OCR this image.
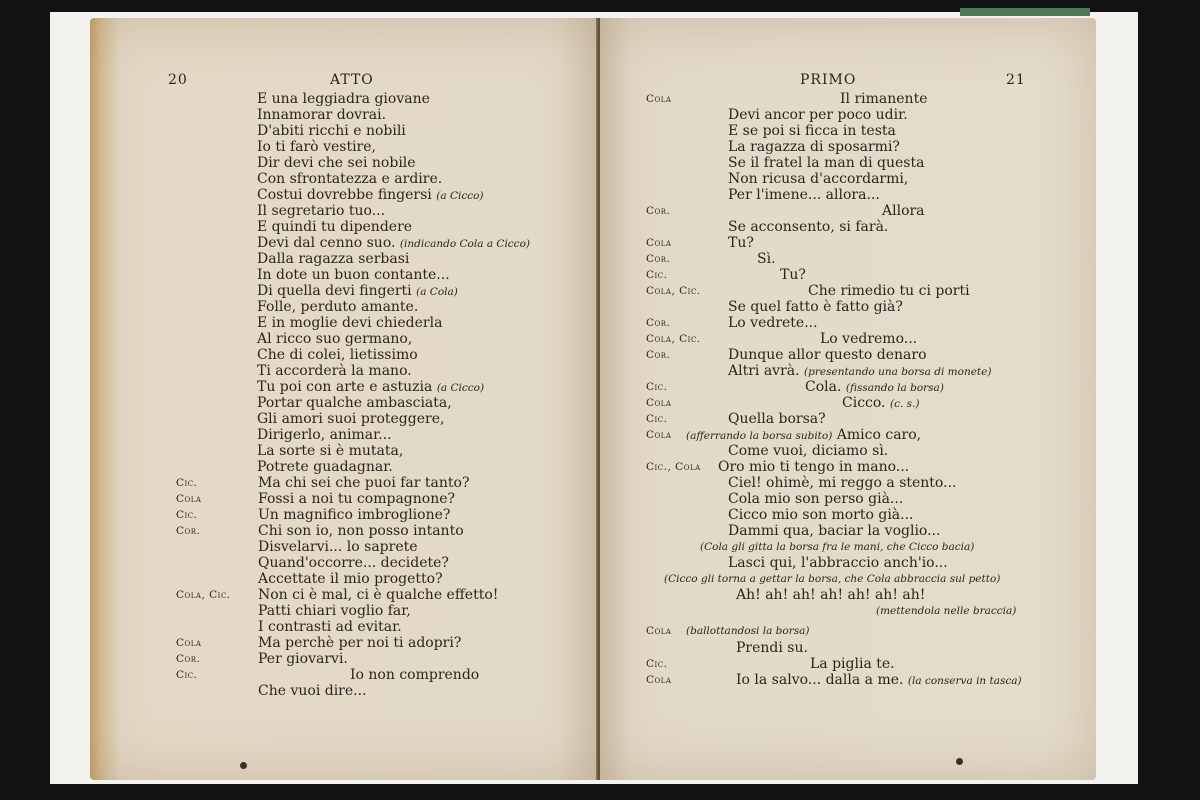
20	ATTO
E una leggiadra giovane
Innamorar dovrai.
D'abiti ricchi e nobili
Io ti farò vestire,
Dir devi che sei nobile
Con sfrontatezza e ardire.
Costui dovrebbe fingersi (a Cicco)
Il segretario tuo...
E quindi tu dipendere
Devi dal cenno suo. (indicando Cola a Cicco)
Dalla ragazza serbasi
In dote un buon contante...
Di quella devi fingerti (a Cola)
Folle, perduto amante.
E in moglie devi chiederla
Al ricco suo germano,
Che di colei, lietissimo
Ti accorderà la mano.
Tu poi con arte e astuzia (a Cicco)
Portar qualche ambasciata,
Gli amori suoi proteggere,
Dirigerlo, animar...
La sorte si è mutata,
Potrete guadagnar.
Cic.	Ma chi sei che puoi far tanto?
Cola	Fossi a noi tu compagnone?
Cic.	Un magnifico imbroglione?
Cor.	Chi son io, non posso intanto
Disvelarvi... lo saprete
Quand'occorre... decidete?
Accettate il mio progetto?
Cola, Cic. Non ci è mal, ci è qualche effetto!
Patti chiari voglio far,
I contrasti ad evitar.
Cola	Ma perchè per noi ti adopri?
Cor.	Per giovarvi.
Cic.	Io non comprendo
Che vuoi dire...
PRIMO	21
Cola	Il rimanente
Devi ancor per poco udir.
E se poi si ficca in testa
La ragazza di sposarmi?
Se il fratel la man di questa
Non ricusa d'accordarmi,
Per l'imene... allora...
Cor.	Allora
Se acconsento, si farà.
Cola	Tu?
Cor.	Sì.
Cic.	Tu?
Cola, Cic.	Che rimedio tu ci porti
Se quel fatto è fatto già?
Cor.	Lo vedrete...
Cola, Cic.	Lo vedremo...
Cor.	Dunque allor questo denaro
Altri avrà. (presentando una borsa di monete)
Cic.	Cola. (fissando la borsa)
Cola	Cicco. (c. s.)
Cic.	Quella borsa?
Cola (afferrando la borsa subito) Amico caro,
Come vuoi, diciamo sì.
Cic., Cola Oro mio ti tengo in mano...
Ciel! ohimè, mi reggo a stento...
Cola mio son perso già...
Cicco mio son morto già...
Dammi qua, baciar la voglio...
(Cola gli gitta la borsa fra le mani, che Cicco bacia)
Lasci qui, l'abbraccio anch'io...
(Cicco gli torna a gettar la borsa, che Cola abbraccia sul petto)
Ah! ah! ah! ah! ah! ah! ah!
(mettendola nelle braccia)
Cola (ballottandosi la borsa)
Prendi su.
Cic.	La piglia te.
Cola	Io la salvo... dalla a me. (la conserva in tasca)
